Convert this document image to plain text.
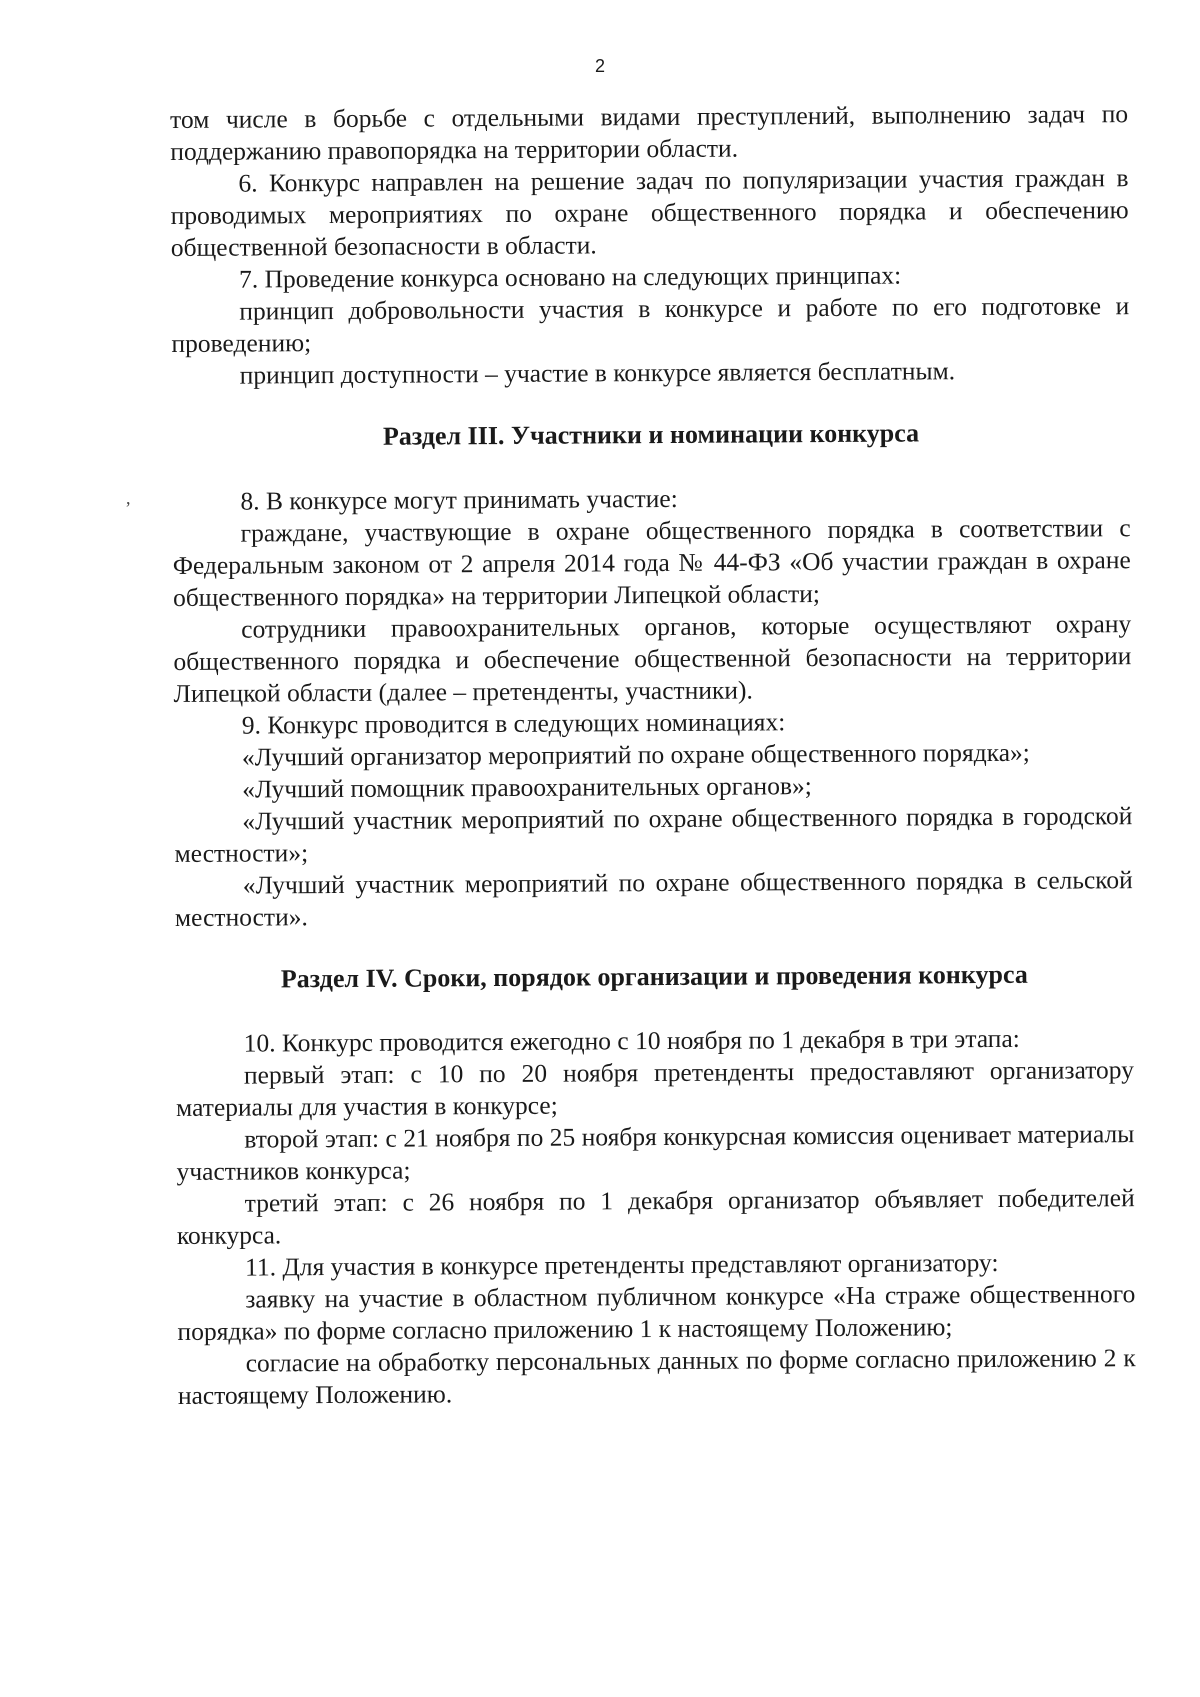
2
,

том числе в борьбе с отдельными видами преступлений, выполнению задач по поддержанию правопорядка на территории области.

6. Конкурс направлен на решение задач по популяризации участия граждан в проводимых мероприятиях по охране общественного порядка и обеспечению общественной безопасности в области.

7. Проведение конкурса основано на следующих принципах:

принцип добровольности участия в конкурсе и работе по его подготовке и проведению;

принцип доступности – участие в конкурсе является бесплатным.

Раздел III. Участники и номинации конкурса

8. В конкурсе могут принимать участие:

граждане, участвующие в охране общественного порядка в соответствии с Федеральным законом от 2 апреля 2014 года № 44-ФЗ «Об участии граждан в охране общественного порядка» на территории Липецкой области;

сотрудники правоохранительных органов, которые осуществляют охрану общественного порядка и обеспечение общественной безопасности на территории Липецкой области (далее – претенденты, участники).

9. Конкурс проводится в следующих номинациях:

«Лучший организатор мероприятий по охране общественного порядка»;

«Лучший помощник правоохранительных органов»;

«Лучший участник мероприятий по охране общественного порядка в городской местности»;

«Лучший участник мероприятий по охране общественного порядка в сельской местности».

Раздел IV. Сроки, порядок организации и проведения конкурса

10. Конкурс проводится ежегодно с 10 ноября по 1 декабря в три этапа:

первый этап: с 10 по 20 ноября претенденты предоставляют организатору материалы для участия в конкурсе;

второй этап: с 21 ноября по 25 ноября конкурсная комиссия оценивает материалы участников конкурса;

третий этап: с 26 ноября по 1 декабря организатор объявляет победителей конкурса.

11. Для участия в конкурсе претенденты представляют организатору:

заявку на участие в областном публичном конкурсе «На страже общественного порядка» по форме согласно приложению 1 к настоящему Положению;

согласие на обработку персональных данных по форме согласно приложению 2 к настоящему Положению.
